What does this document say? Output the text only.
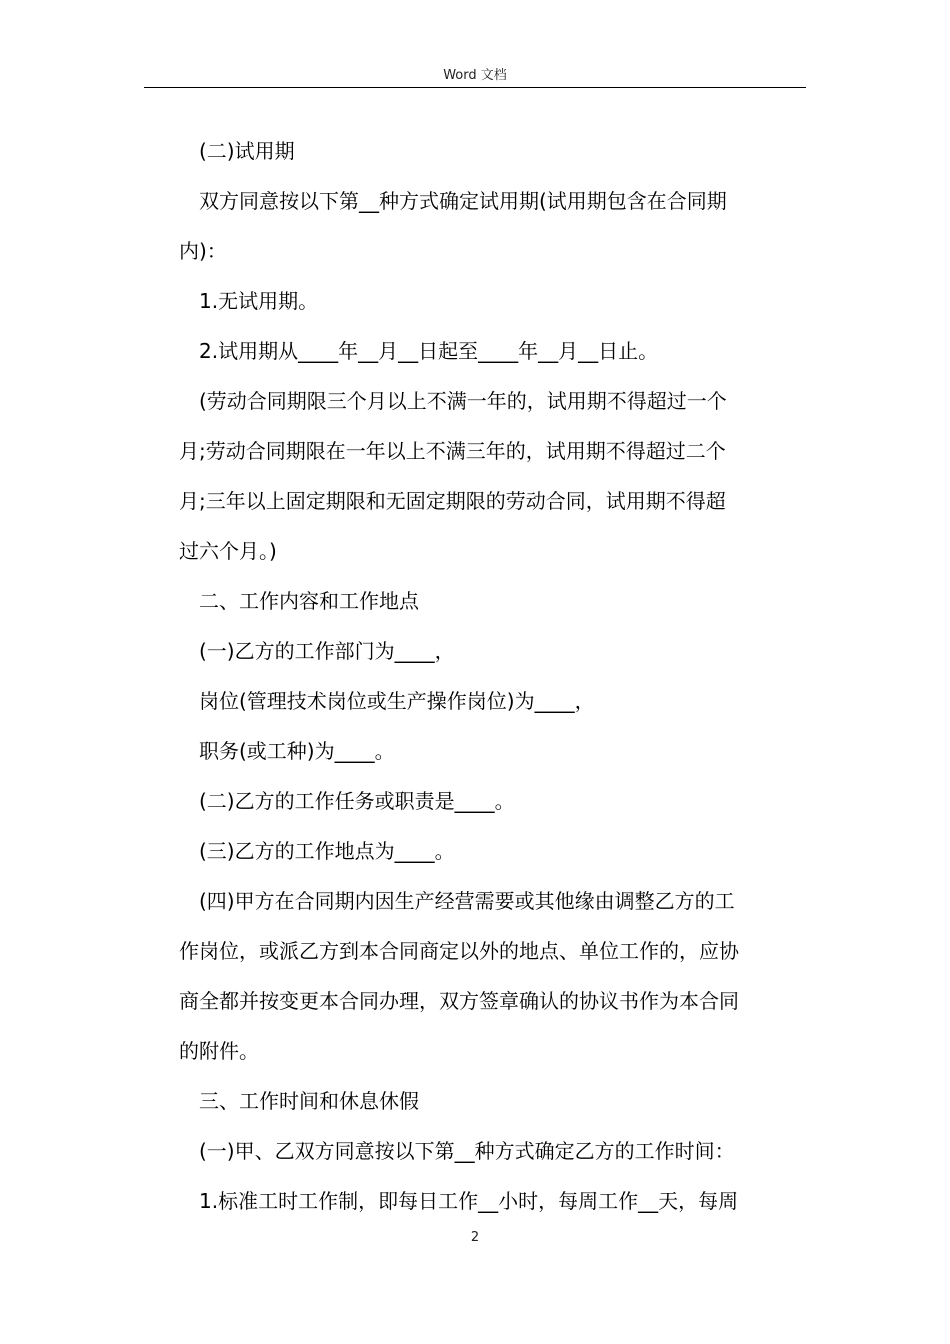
Word 文档
(二)试用期
双方同意按以下第__种方式确定试用期(试用期包含在合同期
内)：
1.无试用期。
2.试用期从____年__月__日起至____年__月__日止。
(劳动合同期限三个月以上不满一年的，试用期不得超过一个
月;劳动合同期限在一年以上不满三年的，试用期不得超过二个
月;三年以上固定期限和无固定期限的劳动合同，试用期不得超
过六个月。)
二、工作内容和工作地点
(一)乙方的工作部门为____，
岗位(管理技术岗位或生产操作岗位)为____，
职务(或工种)为____。
(二)乙方的工作任务或职责是____。
(三)乙方的工作地点为____。
(四)甲方在合同期内因生产经营需要或其他缘由调整乙方的工
作岗位，或派乙方到本合同商定以外的地点、单位工作的，应协
商全都并按变更本合同办理，双方签章确认的协议书作为本合同
的附件。
三、工作时间和休息休假
(一)甲、乙双方同意按以下第__种方式确定乙方的工作时间：
1.标准工时工作制，即每日工作__小时，每周工作__天，每周
2
